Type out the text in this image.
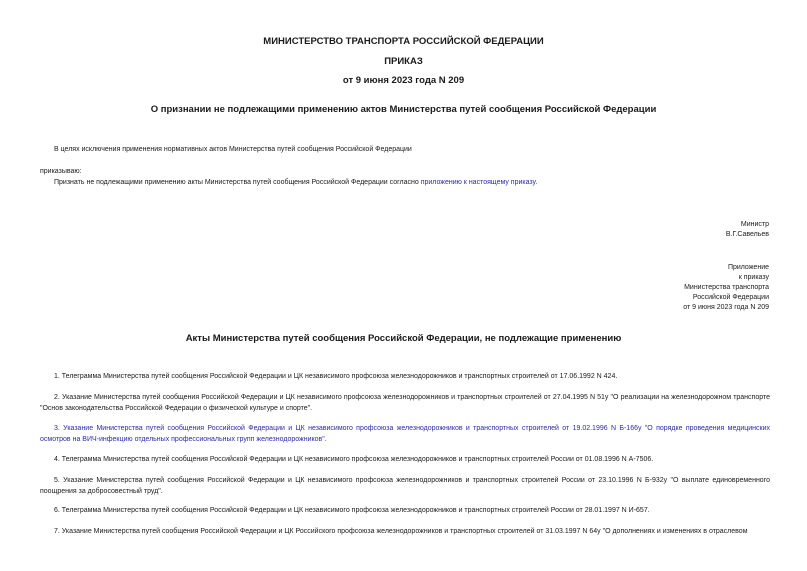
МИНИСТЕРСТВО ТРАНСПОРТА РОССИЙСКОЙ ФЕДЕРАЦИИ
ПРИКАЗ
от 9 июня 2023 года N 209
О признании не подлежащими применению актов Министерства путей сообщения Российской Федерации
В целях исключения применения нормативных актов Министерства путей сообщения Российской Федерации
приказываю:
Признать не подлежащими применению акты Министерства путей сообщения Российской Федерации согласно приложению к настоящему приказу.
Министр
В.Г.Савельев
Приложение
к приказу
Министерства транспорта
Российской Федерации
от 9 июня 2023 года N 209
Акты Министерства путей сообщения Российской Федерации, не подлежащие применению
1. Телеграмма Министерства путей сообщения Российской Федерации и ЦК независимого профсоюза железнодорожников и транспортных строителей от 17.06.1992 N 424.
2. Указание Министерства путей сообщения Российской Федерации и ЦК независимого профсоюза железнодорожников и транспортных строителей от 27.04.1995 N 51у "О реализации на железнодорожном транспорте "Основ законодательства Российской Федерации о физической культуре и спорте".
3. Указание Министерства путей сообщения Российской Федерации и ЦК независимого профсоюза железнодорожников и транспортных строителей от 19.02.1996 N Б-166у "О порядке проведения медицинских осмотров на ВИЧ-инфекцию отдельных профессиональных групп железнодорожников".
4. Телеграмма Министерства путей сообщения Российской Федерации и ЦК независимого профсоюза железнодорожников и транспортных строителей России от 01.08.1996 N А-7506.
5. Указание Министерства путей сообщения Российской Федерации и ЦК независимого профсоюза железнодорожников и транспортных строителей России от 23.10.1996 N Б-932у "О выплате единовременного поощрения за добросовестный труд".
6. Телеграмма Министерства путей сообщения Российской Федерации и ЦК независимого профсоюза железнодорожников и транспортных строителей России от 28.01.1997 N И-657.
7. Указание Министерства путей сообщения Российской Федерации и ЦК Российского профсоюза железнодорожников и транспортных строителей от 31.03.1997 N 64у "О дополнениях и изменениях в отраслевом
